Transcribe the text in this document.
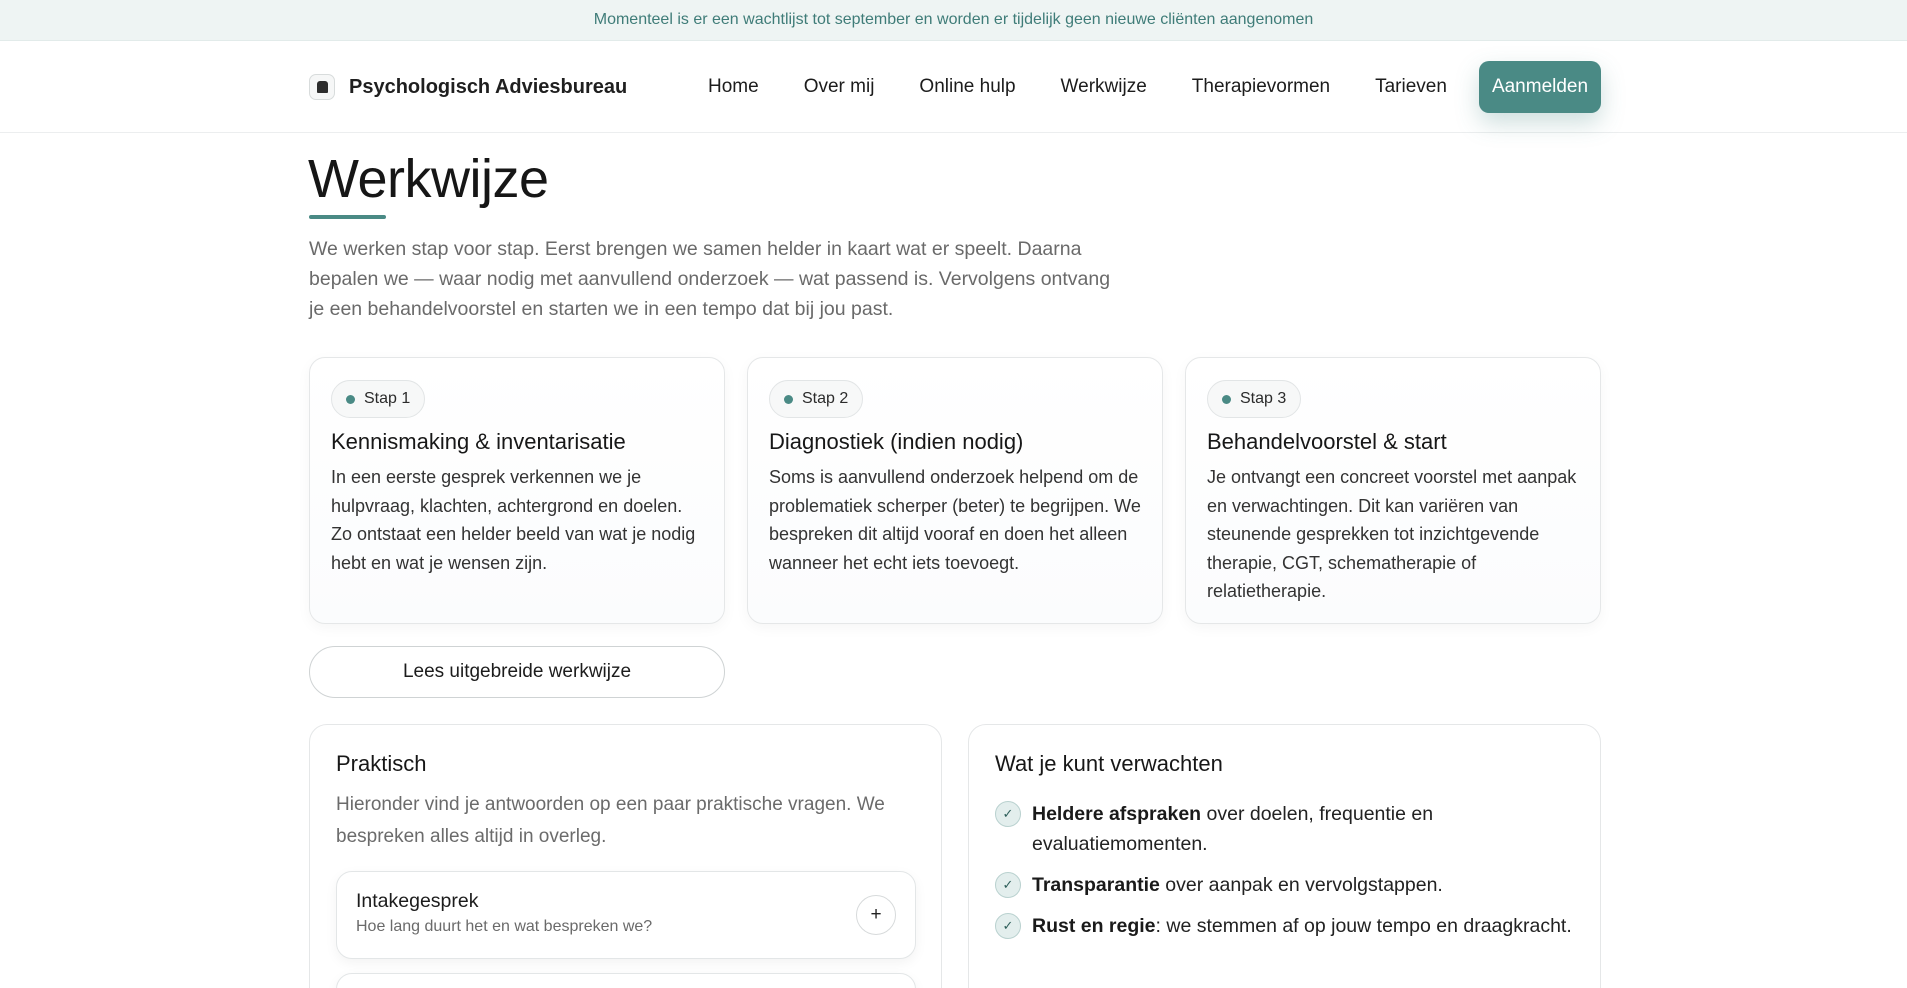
Momenteel is er een wachtlijst tot september en worden er tijdelijk geen nieuwe cliënten aangenomen
Psychologisch Adviesbureau	Home	Over mij	Online hulp	Werkwijze	Therapievormen	Tarieven	Aanmelden
Werkwijze

We werken stap voor stap. Eerst brengen we samen helder in kaart wat er speelt. Daarna bepalen we — waar nodig met aanvullend onderzoek — wat passend is. Vervolgens ontvang je een behandelvoorstel en starten we in een tempo dat bij jou past.

Stap 1
Kennismaking & inventarisatie

In een eerste gesprek verkennen we je hulpvraag, klachten, achtergrond en doelen. Zo ontstaat een helder beeld van wat je nodig hebt en wat je wensen zijn.

Stap 2
Diagnostiek (indien nodig)

Soms is aanvullend onderzoek helpend om de problematiek scherper (beter) te begrijpen. We bespreken dit altijd vooraf en doen het alleen wanneer het echt iets toevoegt.

Stap 3
Behandelvoorstel & start

Je ontvangt een concreet voorstel met aanpak en verwachtingen. Dit kan variëren van steunende gesprekken tot inzichtgevende therapie, CGT, schematherapie of relatietherapie.

Lees uitgebreide werkwijze
Praktisch

Hieronder vind je antwoorden op een paar praktische vragen. We bespreken alles altijd in overleg.

Intakegesprek
Hoe lang duurt het en wat bespreken we?
+
Wat je kunt verwachten
✓ Heldere afspraken over doelen, frequentie en evaluatiemomenten.
✓ Transparantie over aanpak en vervolgstappen.
✓ Rust en regie: we stemmen af op jouw tempo en draagkracht.
